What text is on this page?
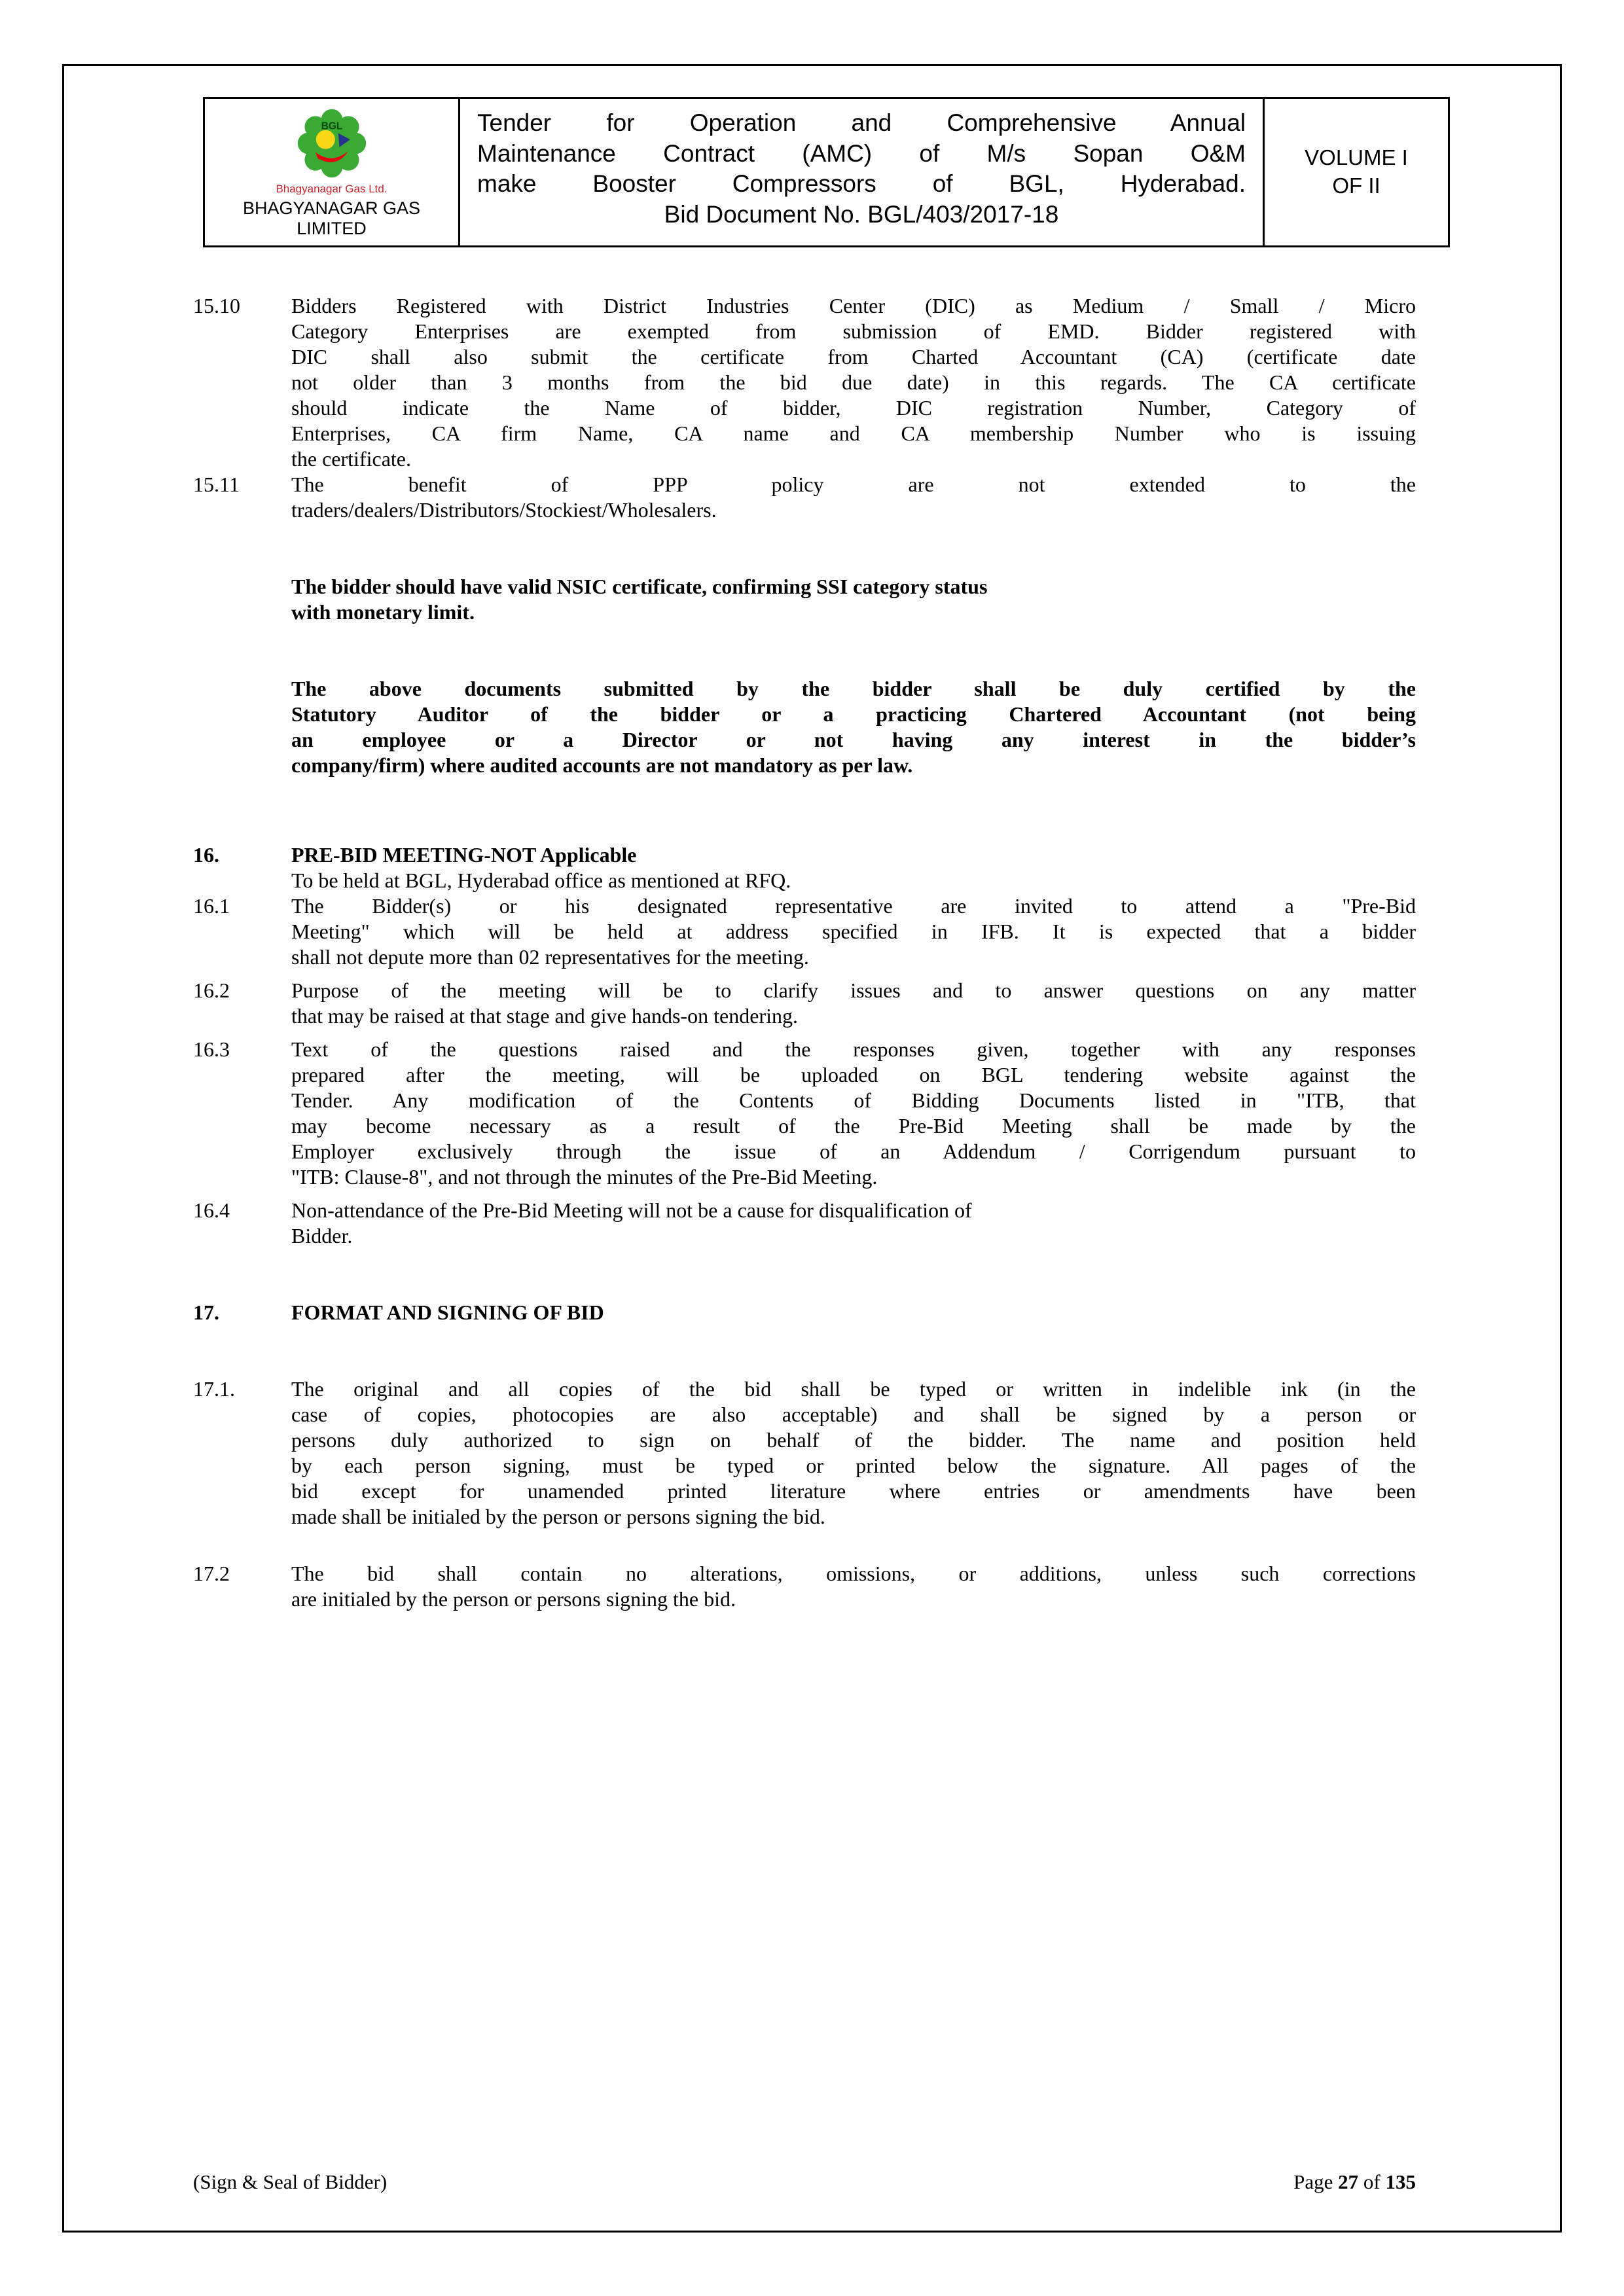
BGL
Bhagyanagar Gas Ltd.
BHAGYANAGAR GAS
LIMITED
Tender for Operation and Comprehensive Annual
Maintenance Contract (AMC) of M/s Sopan O&M
make Booster Compressors of BGL, Hyderabad.
Bid Document No. BGL/403/2017-18
VOLUME I
OF II
15.10 Bidders Registered with District Industries Center (DIC) as Medium / Small / Micro
Category Enterprises are exempted from submission of EMD. Bidder registered with
DIC shall also submit the certificate from Charted Accountant (CA) (certificate date
not older than 3 months from the bid due date) in this regards. The CA certificate
should indicate the Name of bidder, DIC registration Number, Category of
Enterprises, CA firm Name, CA name and CA membership Number who is issuing
the certificate.
15.11 The benefit of PPP policy are not extended to the
traders/dealers/Distributors/Stockiest/Wholesalers.
The bidder should have valid NSIC certificate, confirming SSI category status
with monetary limit.
The above documents submitted by the bidder shall be duly certified by the
Statutory Auditor of the bidder or a practicing Chartered Accountant (not being
an employee or a Director or not having any interest in the bidder’s
company/firm) where audited accounts are not mandatory as per law.
16.	PRE-BID MEETING-NOT Applicable
To be held at BGL, Hyderabad office as mentioned at RFQ.
16.1	The Bidder(s) or his designated representative are invited to attend a "Pre-Bid
Meeting" which will be held at address specified in IFB. It is expected that a bidder
shall not depute more than 02 representatives for the meeting.
16.2	Purpose of the meeting will be to clarify issues and to answer questions on any matter
that may be raised at that stage and give hands-on tendering.
16.3	Text of the questions raised and the responses given, together with any responses
prepared after the meeting, will be uploaded on BGL tendering website against the
Tender. Any modification of the Contents of Bidding Documents listed in "ITB, that
may become necessary as a result of the Pre-Bid Meeting shall be made by the
Employer exclusively through the issue of an Addendum / Corrigendum pursuant to
"ITB: Clause-8", and not through the minutes of the Pre-Bid Meeting.
16.4	Non-attendance of the Pre-Bid Meeting will not be a cause for disqualification of
Bidder.
17.	FORMAT AND SIGNING OF BID
17.1.	The original and all copies of the bid shall be typed or written in indelible ink (in the
case of copies, photocopies are also acceptable) and shall be signed by a person or
persons duly authorized to sign on behalf of the bidder. The name and position held
by each person signing, must be typed or printed below the signature. All pages of the
bid except for unamended printed literature where entries or amendments have been
made shall be initialed by the person or persons signing the bid.
17.2	The bid shall contain no alterations, omissions, or additions, unless such corrections
are initialed by the person or persons signing the bid.
(Sign & Seal of Bidder)	Page 27 of 135
